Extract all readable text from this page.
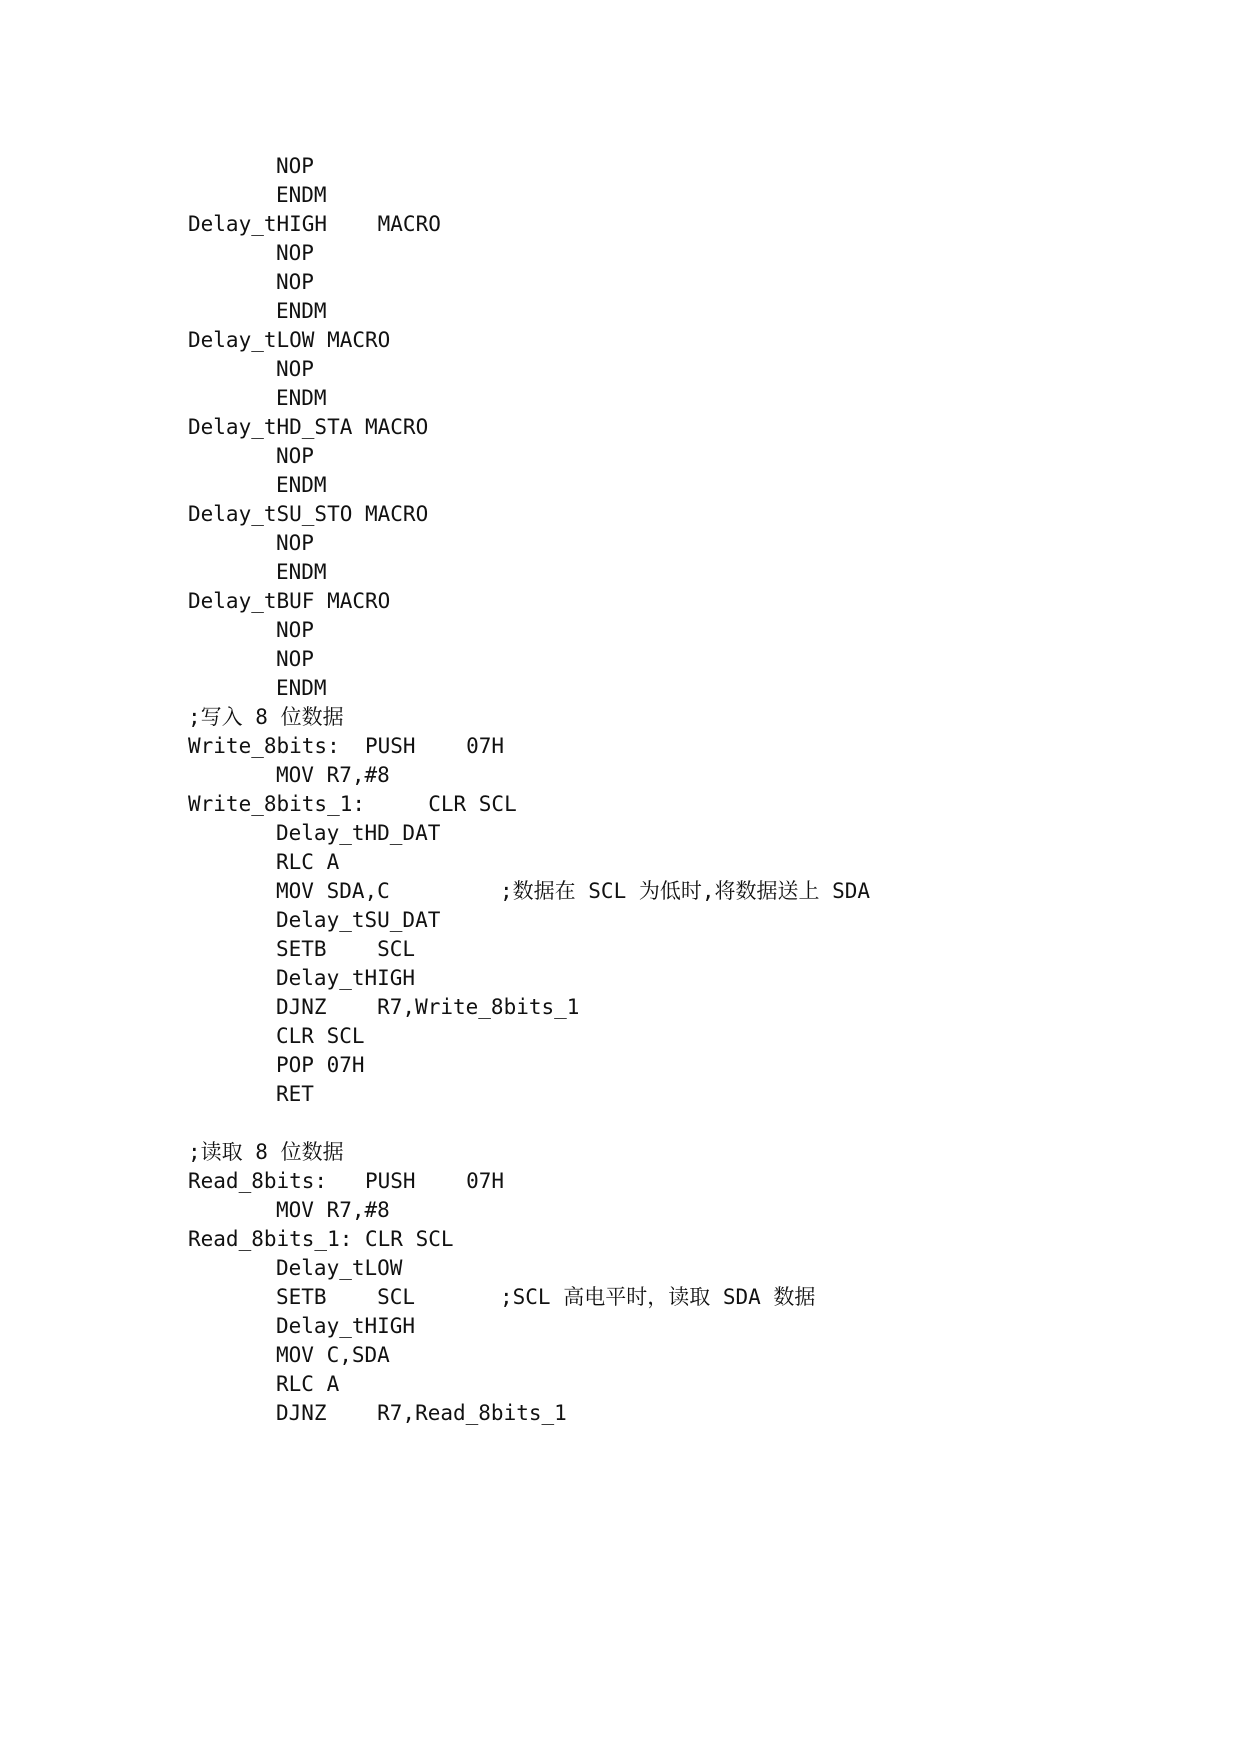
NOP
ENDM
Delay_tHIGH    MACRO
NOP
NOP
ENDM
Delay_tLOW MACRO
NOP
ENDM
Delay_tHD_STA MACRO
NOP
ENDM
Delay_tSU_STO MACRO
NOP
ENDM
Delay_tBUF MACRO
NOP
NOP
ENDM
;写入 8 位数据
Write_8bits:  PUSH    07H
MOV R7,#8
Write_8bits_1:     CLR SCL
Delay_tHD_DAT
RLC A
MOV SDA,C	;数据在 SCL 为低时,将数据送上 SDA
Delay_tSU_DAT
SETB    SCL
Delay_tHIGH
DJNZ    R7,Write_8bits_1
CLR SCL
POP 07H
RET
;读取 8 位数据
Read_8bits:   PUSH    07H
MOV R7,#8
Read_8bits_1: CLR SCL
Delay_tLOW
SETB    SCL	;SCL 高电平时，读取 SDA 数据
Delay_tHIGH
MOV C,SDA
RLC A
DJNZ    R7,Read_8bits_1
